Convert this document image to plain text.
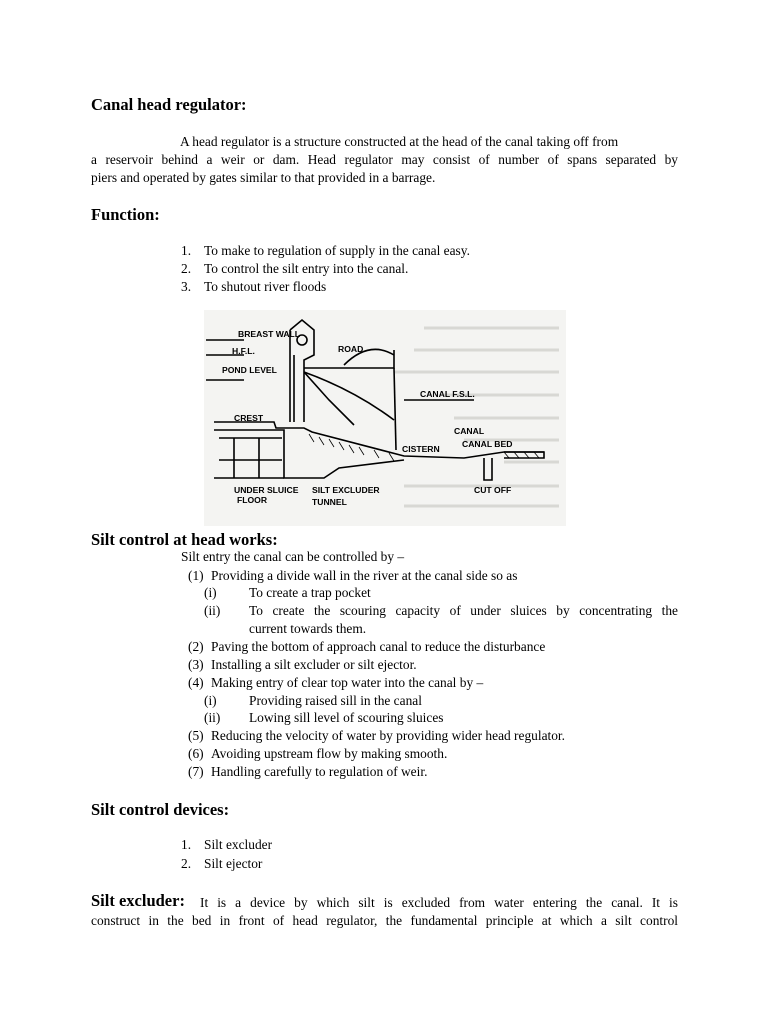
Canal head regulator:
A head regulator is a structure constructed at the head of the canal taking off from
a reservoir behind a weir or dam. Head regulator may consist of number of spans separated by
piers and operated by gates similar to that provided in a barrage.
Function:
1. To make to regulation of supply in the canal easy.
2. To control the silt entry into the canal.
3. To shutout river floods
BREAST WALL
ROAD
H.F.L.
POND LEVEL
CANAL F.S.L.
CREST
CANAL
CISTERN	CANAL BED
UNDER SLUICE
FLOOR
SILT EXCLUDER
TUNNEL
CUT OFF
Silt control at head works:
Silt entry the canal can be controlled by –
(1) Providing a divide wall in the river at the canal side so as
(i) To create a trap pocket
(ii) To create the scouring capacity of under sluices by concentrating the
current towards them.
(2) Paving the bottom of approach canal to reduce the disturbance
(3) Installing a silt excluder or silt ejector.
(4) Making entry of clear top water into the canal by –
(i) Providing raised sill in the canal
(ii) Lowing sill level of scouring sluices
(5) Reducing the velocity of water by providing wider head regulator.
(6) Avoiding upstream flow by making smooth.
(7) Handling carefully to regulation of weir.
Silt control devices:
1. Silt excluder
2. Silt ejector
Silt excluder: It is a device by which silt is excluded from water entering the canal. It is
construct in the bed in front of head regulator, the fundamental principle at which a silt control
